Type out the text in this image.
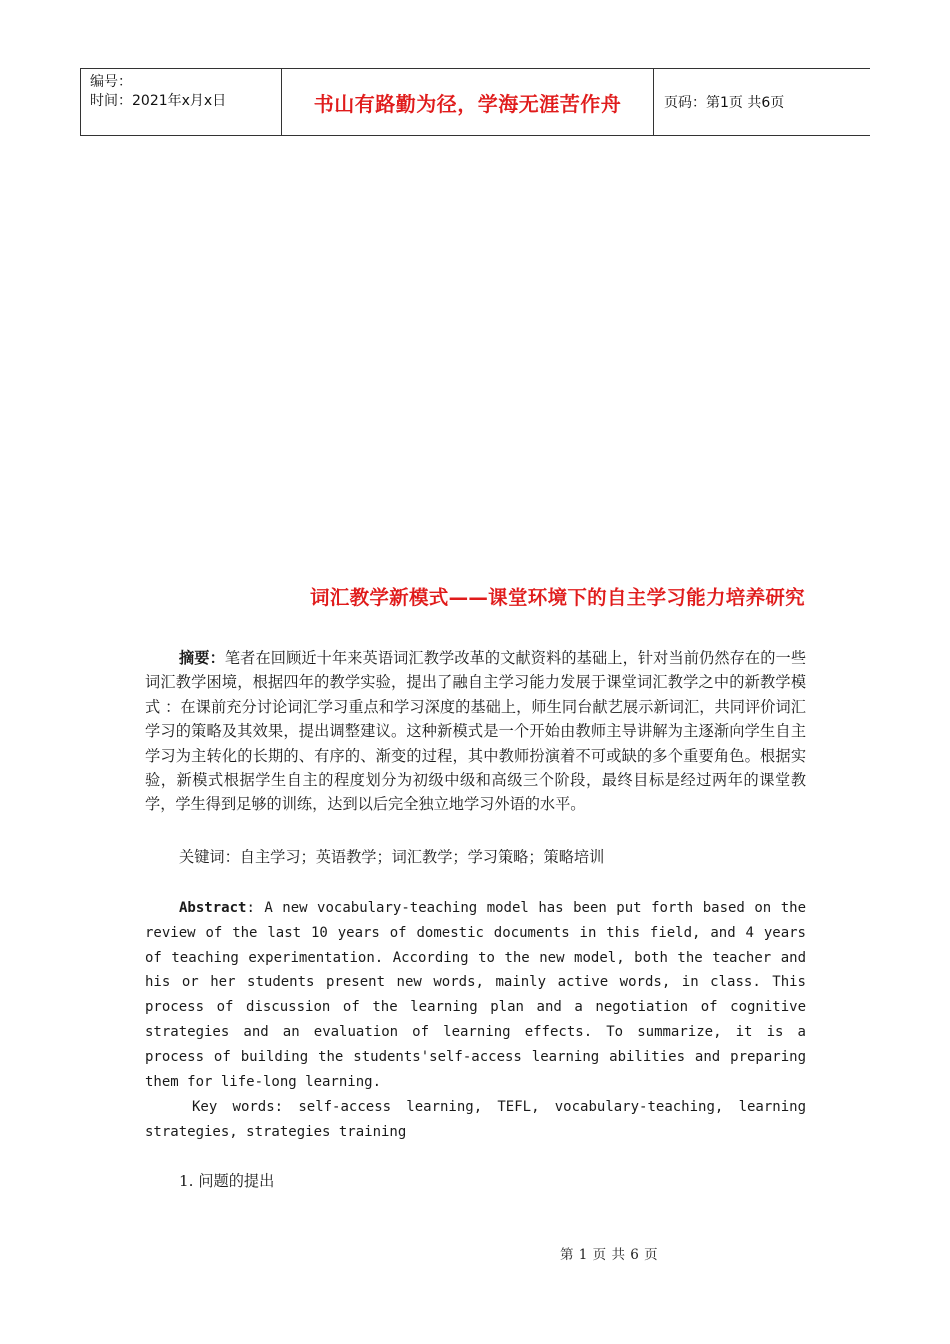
编号：
时间：2021年x月x日	书山有路勤为径，学海无涯苦作舟	页码：第1页 共6页
词汇教学新模式——课堂环境下的自主学习能力培养研究

摘要：笔者在回顾近十年来英语词汇教学改革的文献资料的基础上，针对当前仍然存在的一些词汇教学困境，根据四年的教学实验，提出了融自主学习能力发展于课堂词汇教学之中的新教学模式 ：在课前充分讨论词汇学习重点和学习深度的基础上，师生同台献艺展示新词汇，共同评价词汇学习的策略及其效果，提出调整建议。这种新模式是一个开始由教师主导讲解为主逐渐向学生自主学习为主转化的长期的、有序的、渐变的过程，其中教师扮演着不可或缺的多个重要角色。根据实验，新模式根据学生自主的程度划分为初级中级和高级三个阶段，最终目标是经过两年的课堂教学，学生得到足够的训练，达到以后完全独立地学习外语的水平。

关键词：自主学习；英语教学；词汇教学；学习策略；策略培训

Abstract: A new vocabulary-teaching model has been put forth based on the review of the last 10 years of domestic documents in this field, and 4 years of teaching experimentation. According to the new model, both the teacher and his or her students present new words, mainly active words, in class. This process of discussion of the learning plan and a negotiation of cognitive strategies and an evaluation of learning effects. To summarize, it is a process of building the students'self-access learning abilities and preparing them for life-long learning.

Key words: self-access learning, TEFL, vocabulary-teaching, learning strategies, strategies training

1. 问题的提出

第 1 页 共 6 页
